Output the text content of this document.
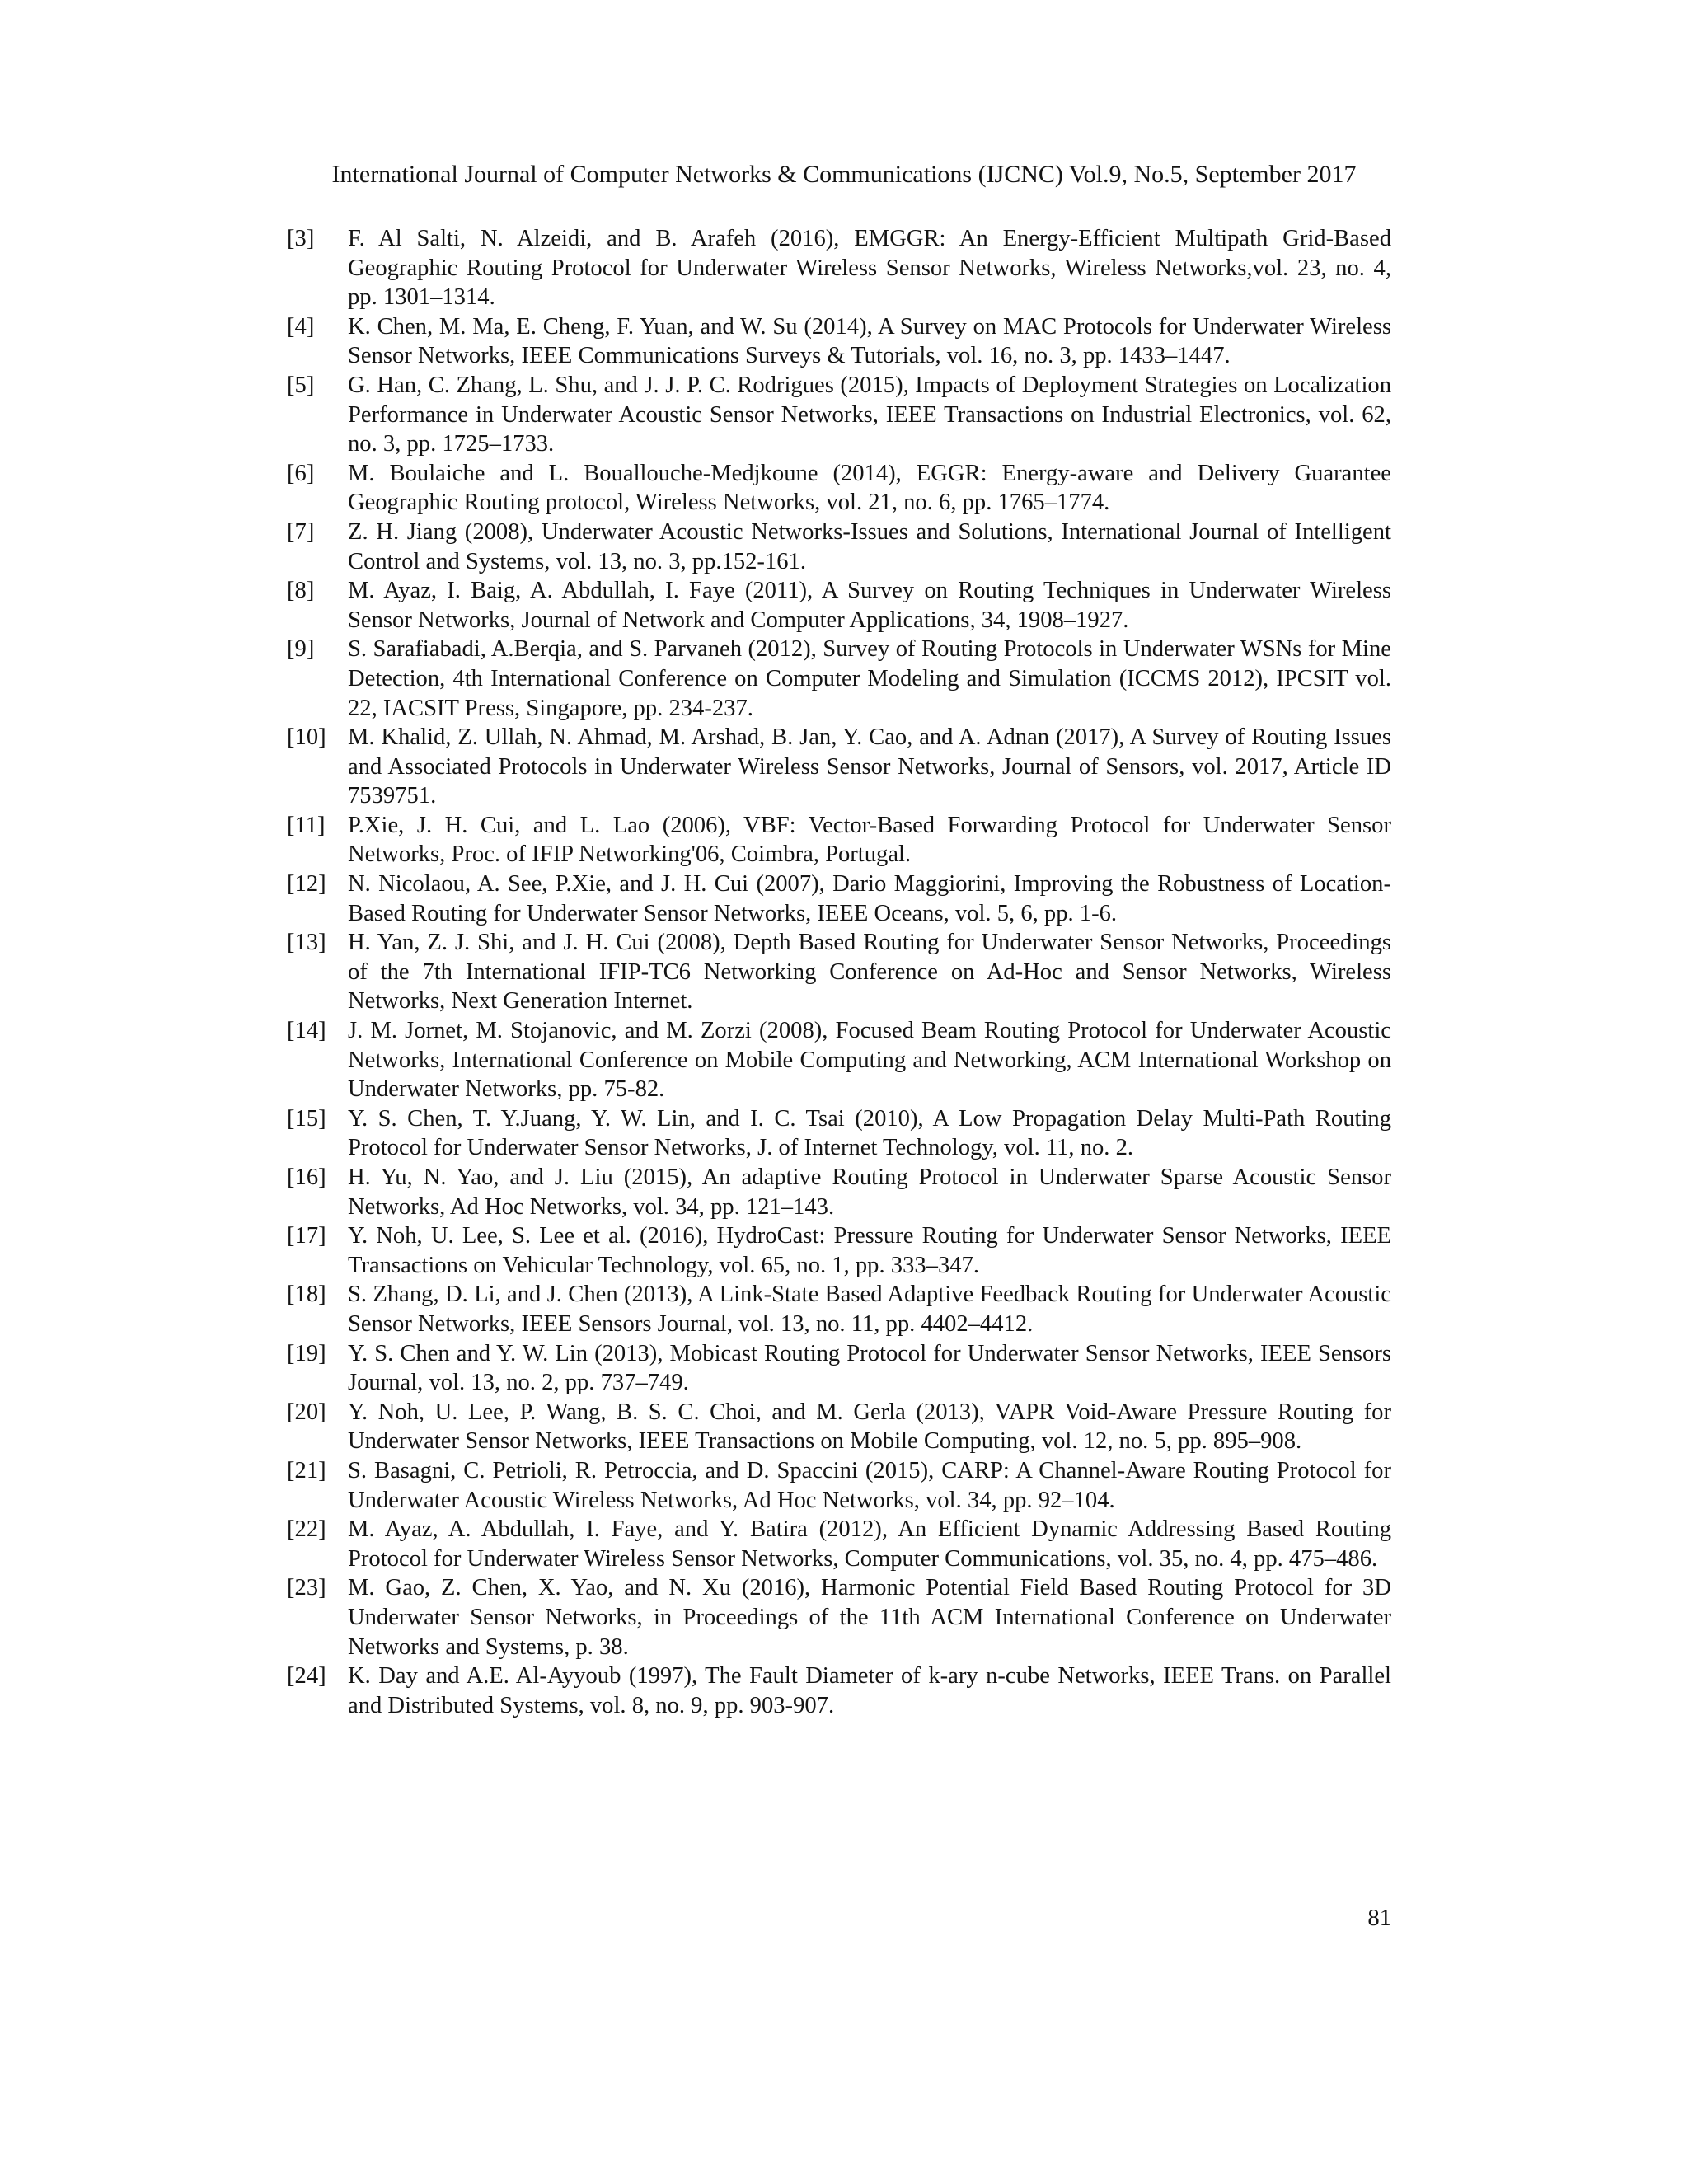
International Journal of Computer Networks & Communications (IJCNC) Vol.9, No.5, September 2017
[3]	F. Al Salti, N. Alzeidi, and B. Arafeh (2016), EMGGR: An Energy-Efficient Multipath Grid-Based Geographic Routing Protocol for Underwater Wireless Sensor Networks, Wireless Networks,vol. 23, no. 4, pp. 1301–1314.
[4]	K. Chen, M. Ma, E. Cheng, F. Yuan, and W. Su (2014), A Survey on MAC Protocols for Underwater Wireless Sensor Networks, IEEE Communications Surveys & Tutorials, vol. 16, no. 3, pp. 1433–1447.
[5]	G. Han, C. Zhang, L. Shu, and J. J. P. C. Rodrigues (2015), Impacts of Deployment Strategies on Localization Performance in Underwater Acoustic Sensor Networks, IEEE Transactions on Industrial Electronics, vol. 62, no. 3, pp. 1725–1733.
[6]	M. Boulaiche and L. Bouallouche-Medjkoune (2014), EGGR: Energy-aware and Delivery Guarantee Geographic Routing protocol, Wireless Networks, vol. 21, no. 6, pp. 1765–1774.
[7]	Z. H. Jiang (2008), Underwater Acoustic Networks-Issues and Solutions, International Journal of Intelligent Control and Systems, vol. 13, no. 3, pp.152-161.
[8]	M. Ayaz, I. Baig, A. Abdullah, I. Faye (2011), A Survey on Routing Techniques in Underwater Wireless Sensor Networks, Journal of Network and Computer Applications, 34, 1908–1927.
[9]	S. Sarafiabadi, A.Berqia, and S. Parvaneh (2012), Survey of Routing Protocols in Underwater WSNs for Mine Detection, 4th International Conference on Computer Modeling and Simulation (ICCMS 2012), IPCSIT vol. 22, IACSIT Press, Singapore, pp. 234-237.
[10] M. Khalid, Z. Ullah, N. Ahmad, M. Arshad, B. Jan, Y. Cao, and A. Adnan (2017), A Survey of Routing Issues and Associated Protocols in Underwater Wireless Sensor Networks, Journal of Sensors, vol. 2017, Article ID 7539751.
[11] P.Xie, J. H. Cui, and L. Lao (2006), VBF: Vector-Based Forwarding Protocol for Underwater Sensor Networks, Proc. of IFIP Networking'06, Coimbra, Portugal.
[12] N. Nicolaou, A. See, P.Xie, and J. H. Cui (2007), Dario Maggiorini, Improving the Robustness of Location-Based Routing for Underwater Sensor Networks, IEEE Oceans, vol. 5, 6, pp. 1-6.
[13] H. Yan, Z. J. Shi, and J. H. Cui (2008), Depth Based Routing for Underwater Sensor Networks, Proceedings of the 7th International IFIP-TC6 Networking Conference on Ad-Hoc and Sensor Networks, Wireless Networks, Next Generation Internet.
[14] J. M. Jornet, M. Stojanovic, and M. Zorzi (2008), Focused Beam Routing Protocol for Underwater Acoustic Networks, International Conference on Mobile Computing and Networking, ACM International Workshop on Underwater Networks, pp. 75-82.
[15] Y. S. Chen, T. Y.Juang, Y. W. Lin, and I. C. Tsai (2010), A Low Propagation Delay Multi-Path Routing Protocol for Underwater Sensor Networks, J. of Internet Technology, vol. 11, no. 2.
[16] H. Yu, N. Yao, and J. Liu (2015), An adaptive Routing Protocol in Underwater Sparse Acoustic Sensor Networks, Ad Hoc Networks, vol. 34, pp. 121–143.
[17] Y. Noh, U. Lee, S. Lee et al. (2016), HydroCast: Pressure Routing for Underwater Sensor Networks, IEEE Transactions on Vehicular Technology, vol. 65, no. 1, pp. 333–347.
[18] S. Zhang, D. Li, and J. Chen (2013), A Link-State Based Adaptive Feedback Routing for Underwater Acoustic Sensor Networks, IEEE Sensors Journal, vol. 13, no. 11, pp. 4402–4412.
[19] Y. S. Chen and Y. W. Lin (2013), Mobicast Routing Protocol for Underwater Sensor Networks, IEEE Sensors Journal, vol. 13, no. 2, pp. 737–749.
[20] Y. Noh, U. Lee, P. Wang, B. S. C. Choi, and M. Gerla (2013), VAPR Void-Aware Pressure Routing for Underwater Sensor Networks, IEEE Transactions on Mobile Computing, vol. 12, no. 5, pp. 895–908.
[21] S. Basagni, C. Petrioli, R. Petroccia, and D. Spaccini (2015), CARP: A Channel-Aware Routing Protocol for Underwater Acoustic Wireless Networks, Ad Hoc Networks, vol. 34, pp. 92–104.
[22] M. Ayaz, A. Abdullah, I. Faye, and Y. Batira (2012), An Efficient Dynamic Addressing Based Routing Protocol for Underwater Wireless Sensor Networks, Computer Communications, vol. 35, no. 4, pp. 475–486.
[23] M. Gao, Z. Chen, X. Yao, and N. Xu (2016), Harmonic Potential Field Based Routing Protocol for 3D Underwater Sensor Networks, in Proceedings of the 11th ACM International Conference on Underwater Networks and Systems, p. 38.
[24] K. Day and A.E. Al-Ayyoub (1997), The Fault Diameter of k-ary n-cube Networks, IEEE Trans. on Parallel and Distributed Systems, vol. 8, no. 9, pp. 903-907.
81
